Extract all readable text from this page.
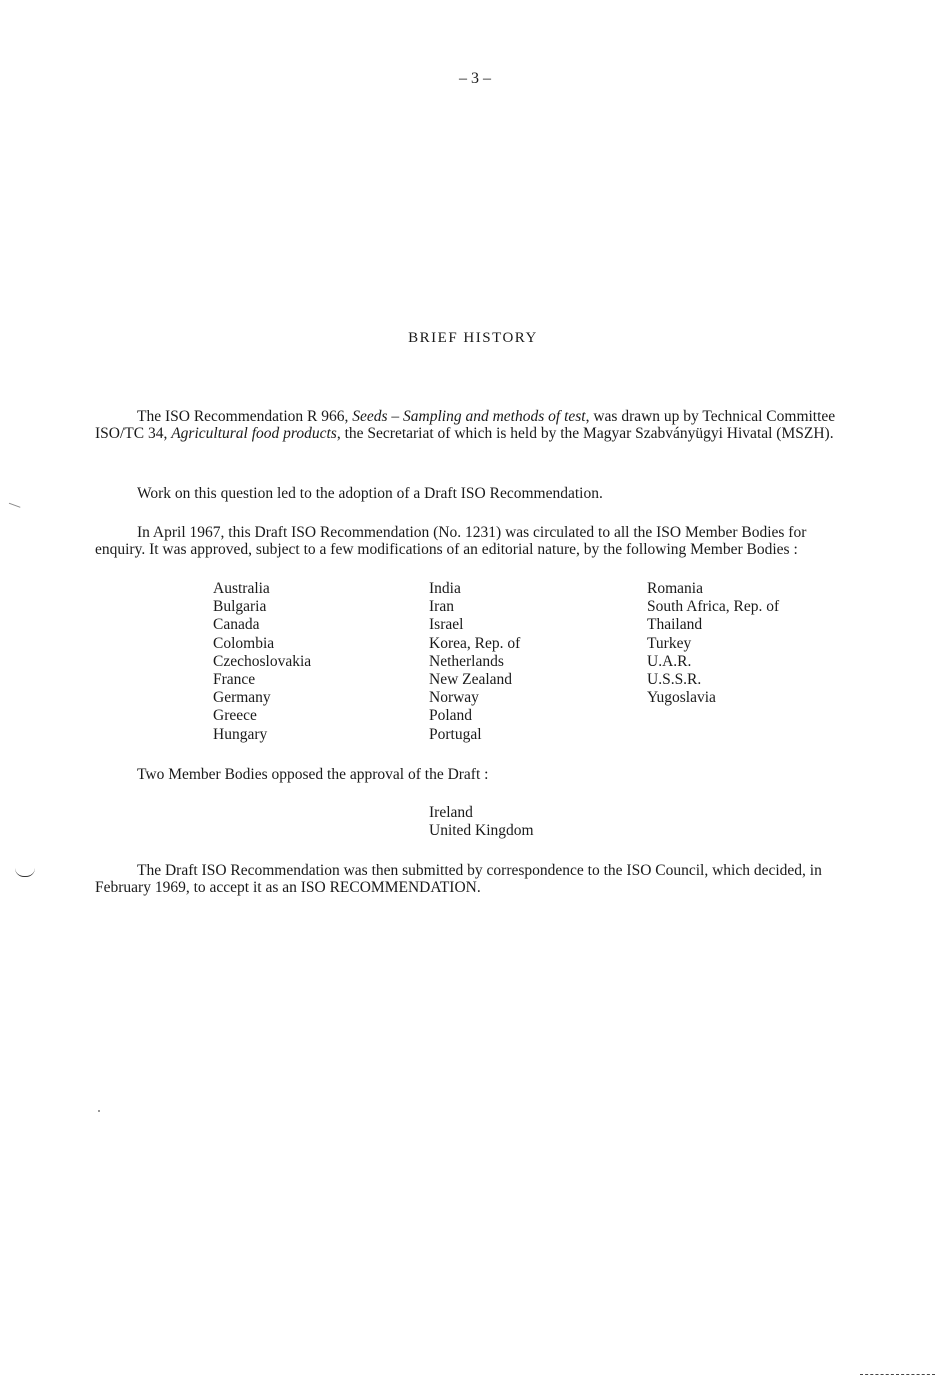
– 3 –
BRIEF HISTORY

The ISO Recommendation R 966, Seeds – Sampling and methods of test, was drawn up by Technical Committee ISO/TC 34, Agricultural food products, the Secretariat of which is held by the Magyar Szabványügyi Hivatal (MSZH).

Work on this question led to the adoption of a Draft ISO Recommendation.

In April 1967, this Draft ISO Recommendation (No. 1231) was circulated to all the ISO Member Bodies for enquiry. It was approved, subject to a few modifications of an editorial nature, by the following Member Bodies :

Australia
Bulgaria
Canada
Colombia
Czechoslovakia
France
Germany
Greece
Hungary
India
Iran
Israel
Korea, Rep. of
Netherlands
New Zealand
Norway
Poland
Portugal
Romania
South Africa, Rep. of
Thailand
Turkey
U.A.R.
U.S.S.R.
Yugoslavia

Two Member Bodies opposed the approval of the Draft :

Ireland
United Kingdom

The Draft ISO Recommendation was then submitted by correspondence to the ISO Council, which decided, in February 1969, to accept it as an ISO RECOMMENDATION.
